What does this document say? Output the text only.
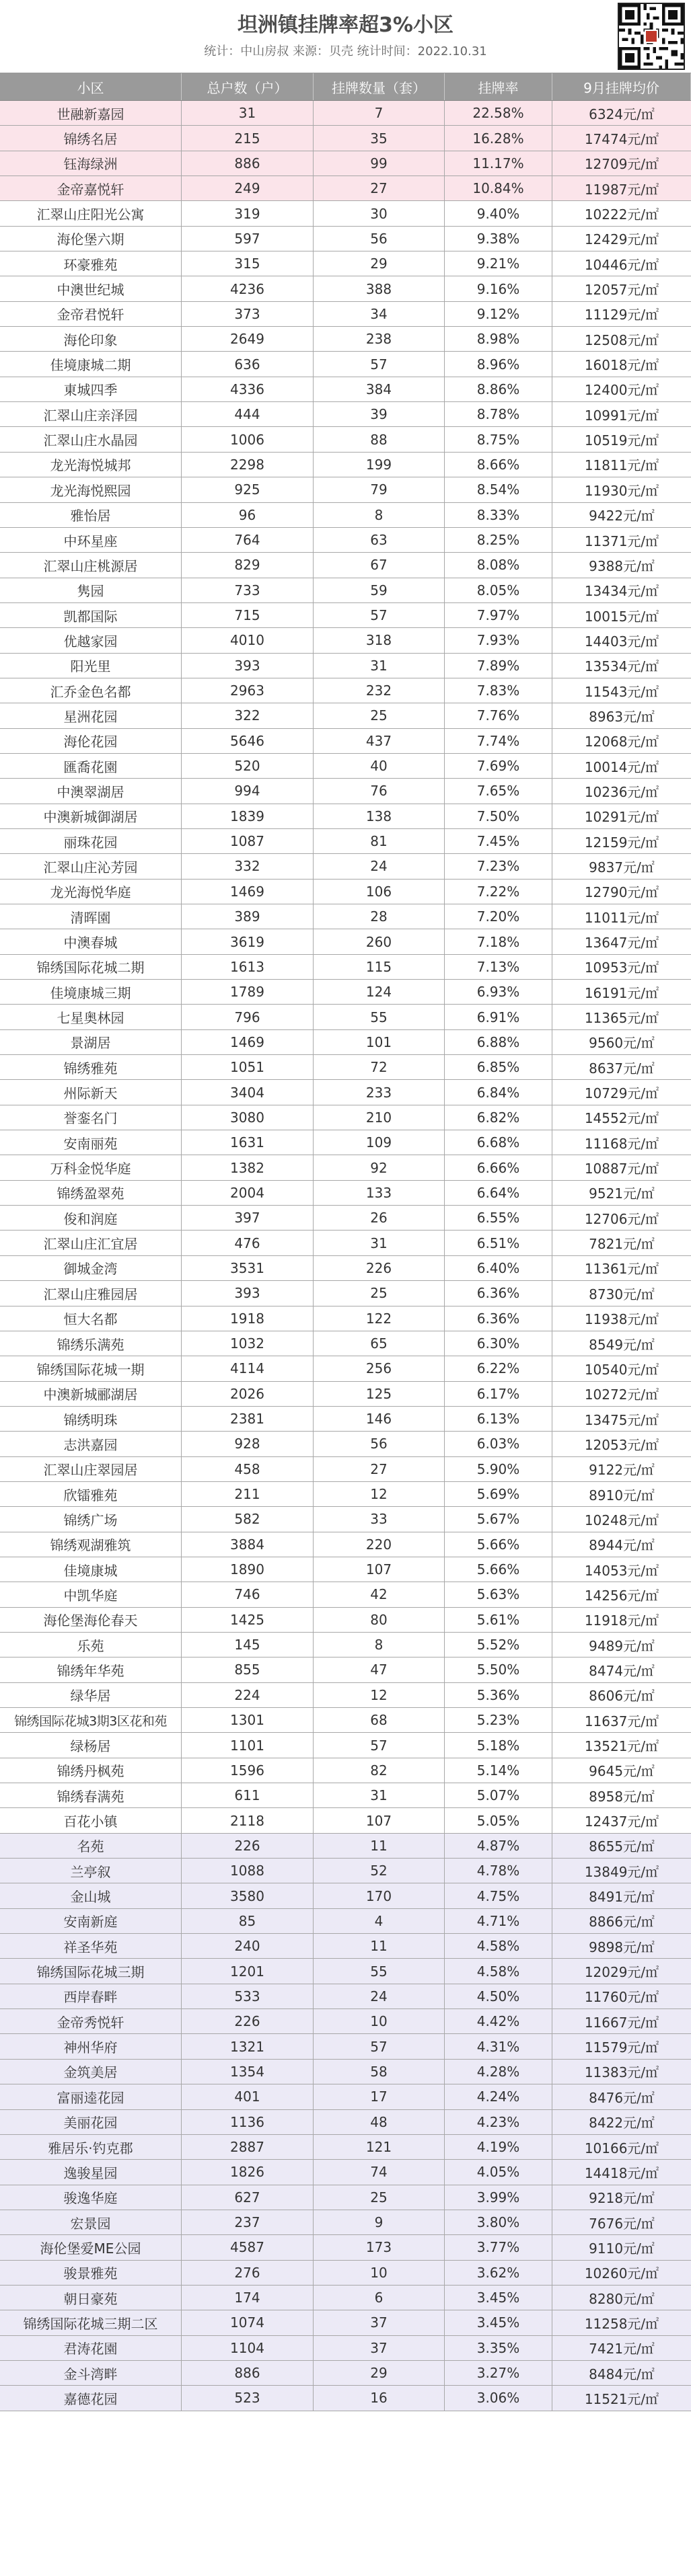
坦洲镇挂牌率超3%小区
统计：中山房叔 来源：贝壳 统计时间：2022.10.31
小区	总户数（户）	挂牌数量（套）	挂牌率	9月挂牌均价
世融新嘉园	31	7	22.58%	6324元/㎡
锦绣名居	215	35	16.28%	17474元/㎡
钰海绿洲	886	99	11.17%	12709元/㎡
金帝嘉悦轩	249	27	10.84%	11987元/㎡
汇翠山庄阳光公寓	319	30	9.40%	10222元/㎡
海伦堡六期	597	56	9.38%	12429元/㎡
环豪雅苑	315	29	9.21%	10446元/㎡
中澳世纪城	4236	388	9.16%	12057元/㎡
金帝君悦轩	373	34	9.12%	11129元/㎡
海伦印象	2649	238	8.98%	12508元/㎡
佳境康城二期	636	57	8.96%	16018元/㎡
東城四季	4336	384	8.86%	12400元/㎡
汇翠山庄亲泽园	444	39	8.78%	10991元/㎡
汇翠山庄水晶园	1006	88	8.75%	10519元/㎡
龙光海悦城邦	2298	199	8.66%	11811元/㎡
龙光海悦熙园	925	79	8.54%	11930元/㎡
雅怡居	96	8	8.33%	9422元/㎡
中环星座	764	63	8.25%	11371元/㎡
汇翠山庄桃源居	829	67	8.08%	9388元/㎡
隽园	733	59	8.05%	13434元/㎡
凯都国际	715	57	7.97%	10015元/㎡
优越家园	4010	318	7.93%	14403元/㎡
阳光里	393	31	7.89%	13534元/㎡
汇乔金色名都	2963	232	7.83%	11543元/㎡
星洲花园	322	25	7.76%	8963元/㎡
海伦花园	5646	437	7.74%	12068元/㎡
匯喬花園	520	40	7.69%	10014元/㎡
中澳翠湖居	994	76	7.65%	10236元/㎡
中澳新城御湖居	1839	138	7.50%	10291元/㎡
丽珠花园	1087	81	7.45%	12159元/㎡
汇翠山庄沁芳园	332	24	7.23%	9837元/㎡
龙光海悦华庭	1469	106	7.22%	12790元/㎡
清晖園	389	28	7.20%	11011元/㎡
中澳春城	3619	260	7.18%	13647元/㎡
锦绣国际花城二期	1613	115	7.13%	10953元/㎡
佳境康城三期	1789	124	6.93%	16191元/㎡
七星奥林园	796	55	6.91%	11365元/㎡
景湖居	1469	101	6.88%	9560元/㎡
锦绣雅苑	1051	72	6.85%	8637元/㎡
州际新天	3404	233	6.84%	10729元/㎡
誉銮名门	3080	210	6.82%	14552元/㎡
安南丽苑	1631	109	6.68%	11168元/㎡
万科金悦华庭	1382	92	6.66%	10887元/㎡
锦绣盈翠苑	2004	133	6.64%	9521元/㎡
俊和润庭	397	26	6.55%	12706元/㎡
汇翠山庄汇宜居	476	31	6.51%	7821元/㎡
御城金湾	3531	226	6.40%	11361元/㎡
汇翠山庄雅园居	393	25	6.36%	8730元/㎡
恒大名都	1918	122	6.36%	11938元/㎡
锦绣乐满苑	1032	65	6.30%	8549元/㎡
锦绣国际花城一期	4114	256	6.22%	10540元/㎡
中澳新城郦湖居	2026	125	6.17%	10272元/㎡
锦绣明珠	2381	146	6.13%	13475元/㎡
志洪嘉园	928	56	6.03%	12053元/㎡
汇翠山庄翠园居	458	27	5.90%	9122元/㎡
欣镭雅苑	211	12	5.69%	8910元/㎡
锦绣广场	582	33	5.67%	10248元/㎡
锦绣观湖雅筑	3884	220	5.66%	8944元/㎡
佳境康城	1890	107	5.66%	14053元/㎡
中凯华庭	746	42	5.63%	14256元/㎡
海伦堡海伦春天	1425	80	5.61%	11918元/㎡
乐苑	145	8	5.52%	9489元/㎡
锦绣年华苑	855	47	5.50%	8474元/㎡
绿华居	224	12	5.36%	8606元/㎡
锦绣国际花城3期3区花和苑	1301	68	5.23%	11637元/㎡
绿杨居	1101	57	5.18%	13521元/㎡
锦绣丹枫苑	1596	82	5.14%	9645元/㎡
锦绣春满苑	611	31	5.07%	8958元/㎡
百花小镇	2118	107	5.05%	12437元/㎡
名苑	226	11	4.87%	8655元/㎡
兰亭叙	1088	52	4.78%	13849元/㎡
金山城	3580	170	4.75%	8491元/㎡
安南新庭	85	4	4.71%	8866元/㎡
祥圣华苑	240	11	4.58%	9898元/㎡
锦绣国际花城三期	1201	55	4.58%	12029元/㎡
西岸春畔	533	24	4.50%	11760元/㎡
金帝秀悦轩	226	10	4.42%	11667元/㎡
神州华府	1321	57	4.31%	11579元/㎡
金筑美居	1354	58	4.28%	11383元/㎡
富丽逵花园	401	17	4.24%	8476元/㎡
美丽花园	1136	48	4.23%	8422元/㎡
雅居乐·钓克郡	2887	121	4.19%	10166元/㎡
逸骏星园	1826	74	4.05%	14418元/㎡
骏逸华庭	627	25	3.99%	9218元/㎡
宏景园	237	9	3.80%	7676元/㎡
海伦堡爱ME公园	4587	173	3.77%	9110元/㎡
骏景雅苑	276	10	3.62%	10260元/㎡
朝日豪苑	174	6	3.45%	8280元/㎡
锦绣国际花城三期二区	1074	37	3.45%	11258元/㎡
君涛花園	1104	37	3.35%	7421元/㎡
金斗湾畔	886	29	3.27%	8484元/㎡
嘉德花园	523	16	3.06%	11521元/㎡
